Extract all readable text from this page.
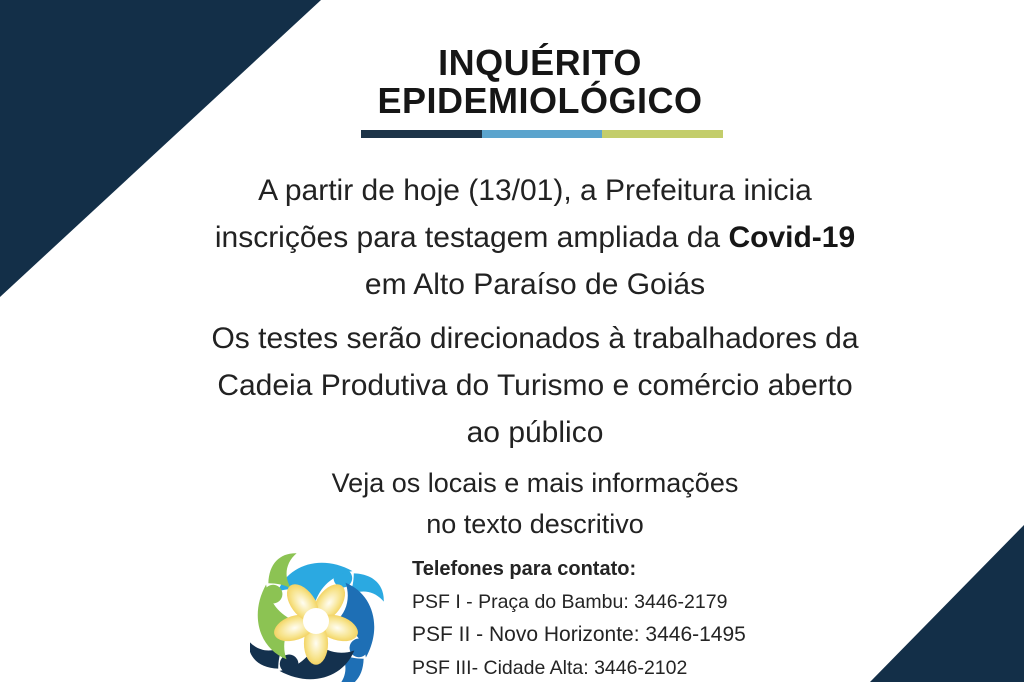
INQUÉRITO
EPIDEMIOLÓGICO

A partir de hoje (13/01), a Prefeitura inicia
inscrições para testagem ampliada da Covid-19
em Alto Paraíso de Goiás

Os testes serão direcionados à trabalhadores da
Cadeia Produtiva do Turismo e comércio aberto
ao público

Veja os locais e mais informações
no texto descritivo

Telefones para contato:
PSF I - Praça do Bambu: 3446-2179
PSF II - Novo Horizonte: 3446-1495
PSF III- Cidade Alta: 3446-2102
